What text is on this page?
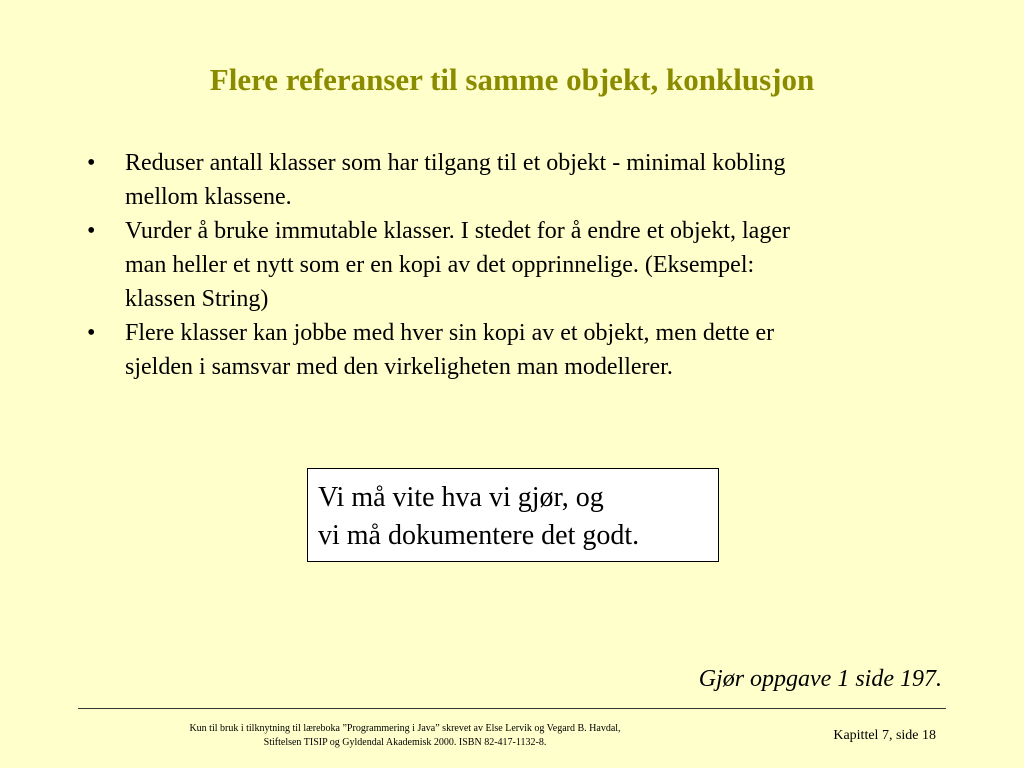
Flere referanser til samme objekt, konklusjon
• Reduser antall klasser som har tilgang til et objekt - minimal kobling
mellom klassene.
• Vurder å bruke immutable klasser. I stedet for å endre et objekt, lager
man heller et nytt som er en kopi av det opprinnelige. (Eksempel:
klassen String)
• Flere klasser kan jobbe med hver sin kopi av et objekt, men dette er
sjelden i samsvar med den virkeligheten man modellerer.
Vi må vite hva vi gjør, og
vi må dokumentere det godt.
Gjør oppgave 1 side 197.
Kun til bruk i tilknytning til læreboka ”Programmering i Java” skrevet av Else Lervik og Vegard B. Havdal,
Stiftelsen TISIP og Gyldendal Akademisk 2000. ISBN 82-417-1132-8.	Kapittel 7, side 18
